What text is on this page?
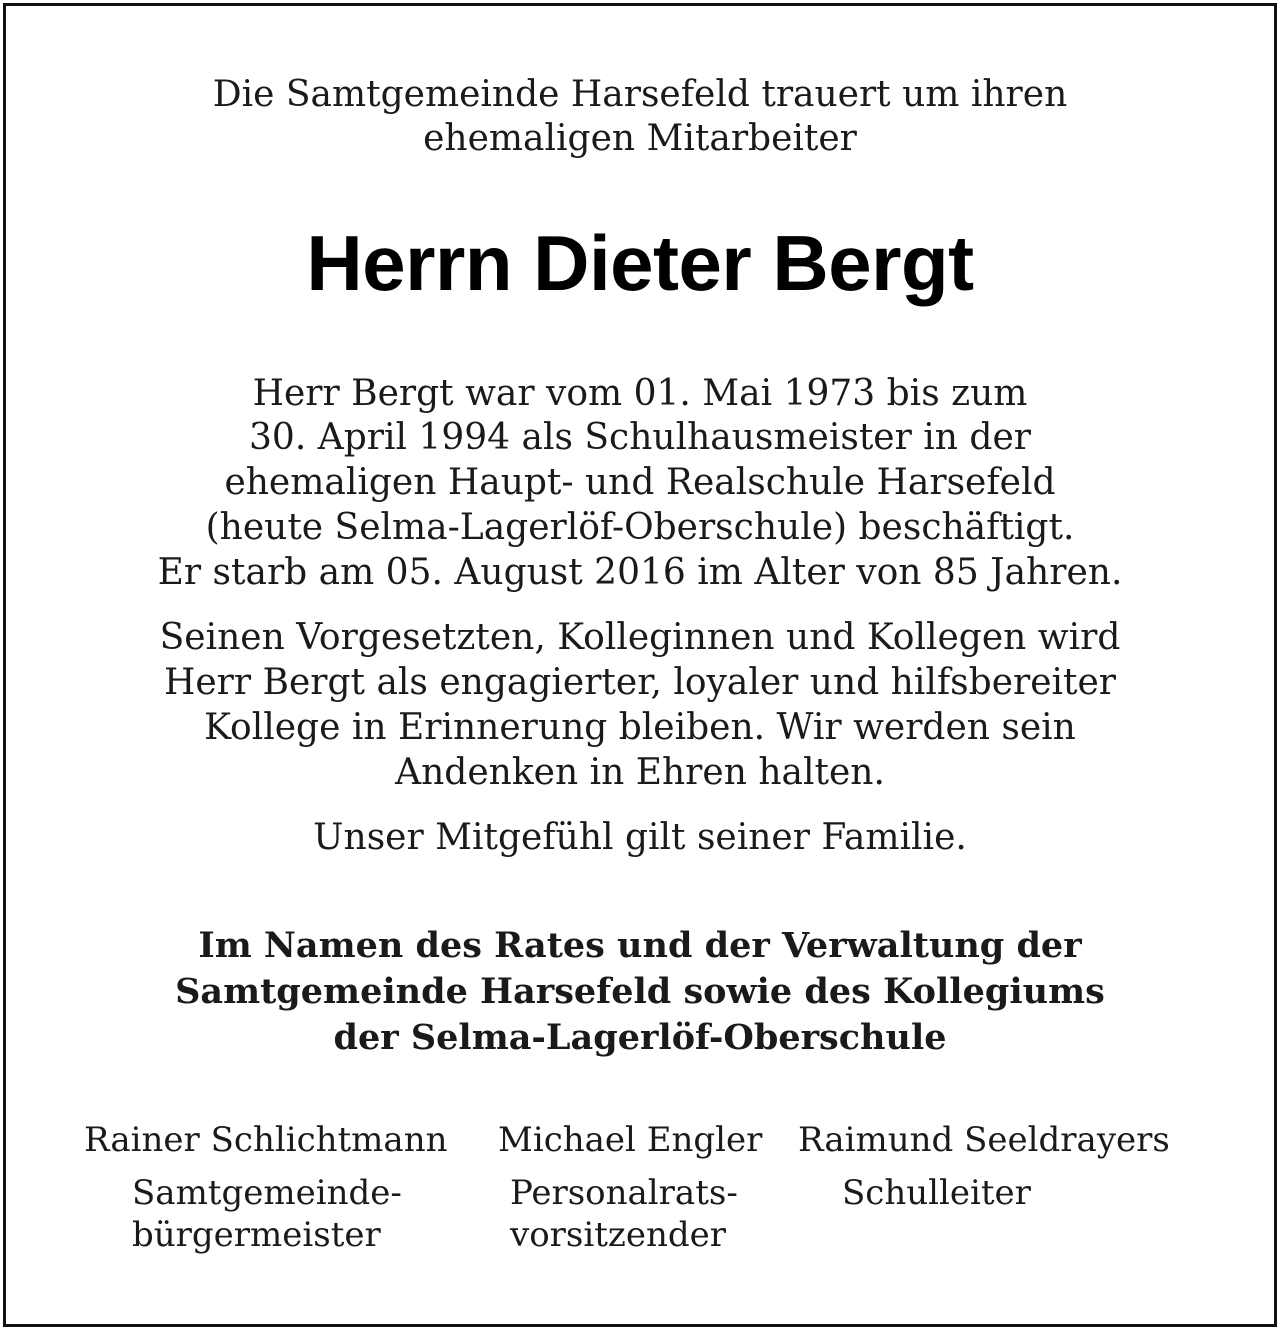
Die Samtgemeinde Harsefeld trauert um ihren
ehemaligen Mitarbeiter
Herrn Dieter Bergt
Herr Bergt war vom 01. Mai 1973 bis zum
30. April 1994 als Schulhausmeister in der
ehemaligen Haupt- und Realschule Harsefeld
(heute Selma-Lagerlöf-Oberschule) beschäftigt.
Er starb am 05. August 2016 im Alter von 85 Jahren.
Seinen Vorgesetzten, Kolleginnen und Kollegen wird
Herr Bergt als engagierter, loyaler und hilfsbereiter
Kollege in Erinnerung bleiben. Wir werden sein
Andenken in Ehren halten.
Unser Mitgefühl gilt seiner Familie.
Im Namen des Rates und der Verwaltung der
Samtgemeinde Harsefeld sowie des Kollegiums
der Selma-Lagerlöf-Oberschule
Rainer Schlichtmann
Samtgemeinde-
bürgermeister
Michael Engler
Personalrats-
vorsitzender
Raimund Seeldrayers
Schulleiter
